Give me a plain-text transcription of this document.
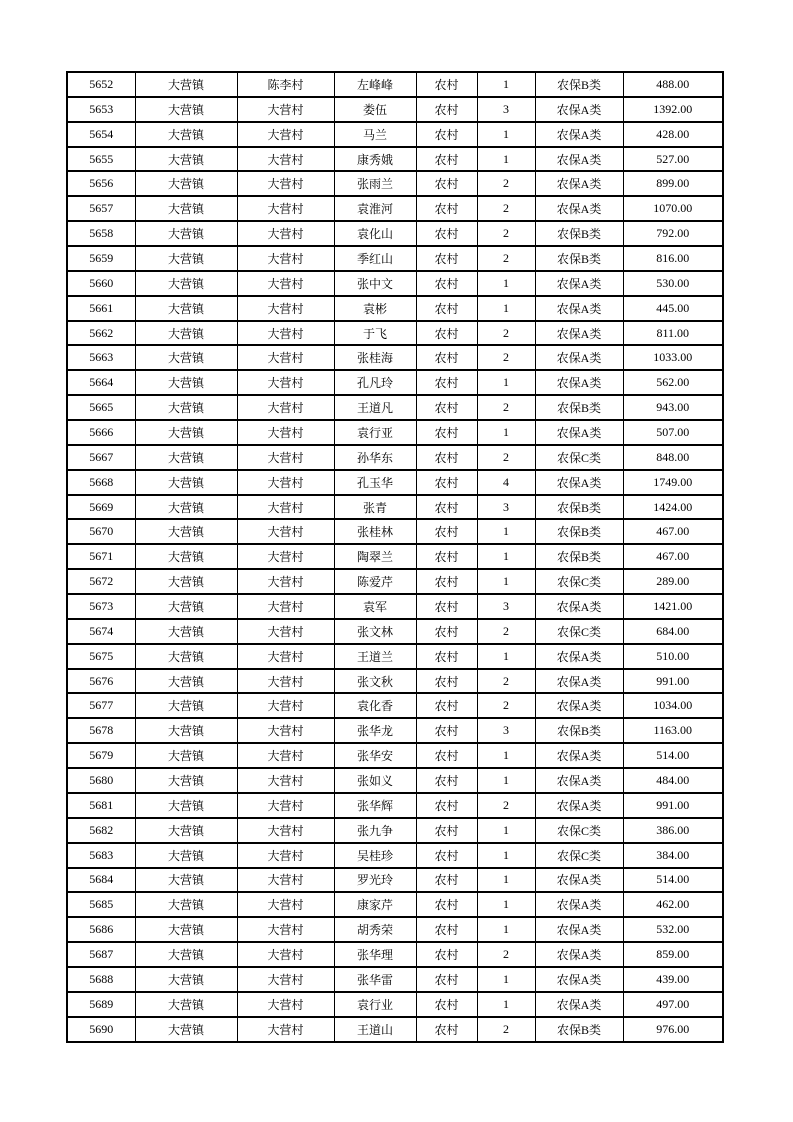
5652	大营镇	陈李村	左峰峰	农村	1	农保B类	488.00
5653	大营镇	大营村	娄伍	农村	3	农保A类	1392.00
5654	大营镇	大营村	马兰	农村	1	农保A类	428.00
5655	大营镇	大营村	康秀娥	农村	1	农保A类	527.00
5656	大营镇	大营村	张雨兰	农村	2	农保A类	899.00
5657	大营镇	大营村	袁淮河	农村	2	农保A类	1070.00
5658	大营镇	大营村	袁化山	农村	2	农保B类	792.00
5659	大营镇	大营村	季红山	农村	2	农保B类	816.00
5660	大营镇	大营村	张中文	农村	1	农保A类	530.00
5661	大营镇	大营村	袁彬	农村	1	农保A类	445.00
5662	大营镇	大营村	于飞	农村	2	农保A类	811.00
5663	大营镇	大营村	张桂海	农村	2	农保A类	1033.00
5664	大营镇	大营村	孔凡玲	农村	1	农保A类	562.00
5665	大营镇	大营村	王道凡	农村	2	农保B类	943.00
5666	大营镇	大营村	袁行亚	农村	1	农保A类	507.00
5667	大营镇	大营村	孙华东	农村	2	农保C类	848.00
5668	大营镇	大营村	孔玉华	农村	4	农保A类	1749.00
5669	大营镇	大营村	张青	农村	3	农保B类	1424.00
5670	大营镇	大营村	张桂林	农村	1	农保B类	467.00
5671	大营镇	大营村	陶翠兰	农村	1	农保B类	467.00
5672	大营镇	大营村	陈爱芹	农村	1	农保C类	289.00
5673	大营镇	大营村	袁军	农村	3	农保A类	1421.00
5674	大营镇	大营村	张文林	农村	2	农保C类	684.00
5675	大营镇	大营村	王道兰	农村	1	农保A类	510.00
5676	大营镇	大营村	张文秋	农村	2	农保A类	991.00
5677	大营镇	大营村	袁化香	农村	2	农保A类	1034.00
5678	大营镇	大营村	张华龙	农村	3	农保B类	1163.00
5679	大营镇	大营村	张华安	农村	1	农保A类	514.00
5680	大营镇	大营村	张如义	农村	1	农保A类	484.00
5681	大营镇	大营村	张华辉	农村	2	农保A类	991.00
5682	大营镇	大营村	张九争	农村	1	农保C类	386.00
5683	大营镇	大营村	吴桂珍	农村	1	农保C类	384.00
5684	大营镇	大营村	罗光玲	农村	1	农保A类	514.00
5685	大营镇	大营村	康家芹	农村	1	农保A类	462.00
5686	大营镇	大营村	胡秀荣	农村	1	农保A类	532.00
5687	大营镇	大营村	张华理	农村	2	农保A类	859.00
5688	大营镇	大营村	张华雷	农村	1	农保A类	439.00
5689	大营镇	大营村	袁行业	农村	1	农保A类	497.00
5690	大营镇	大营村	王道山	农村	2	农保B类	976.00
